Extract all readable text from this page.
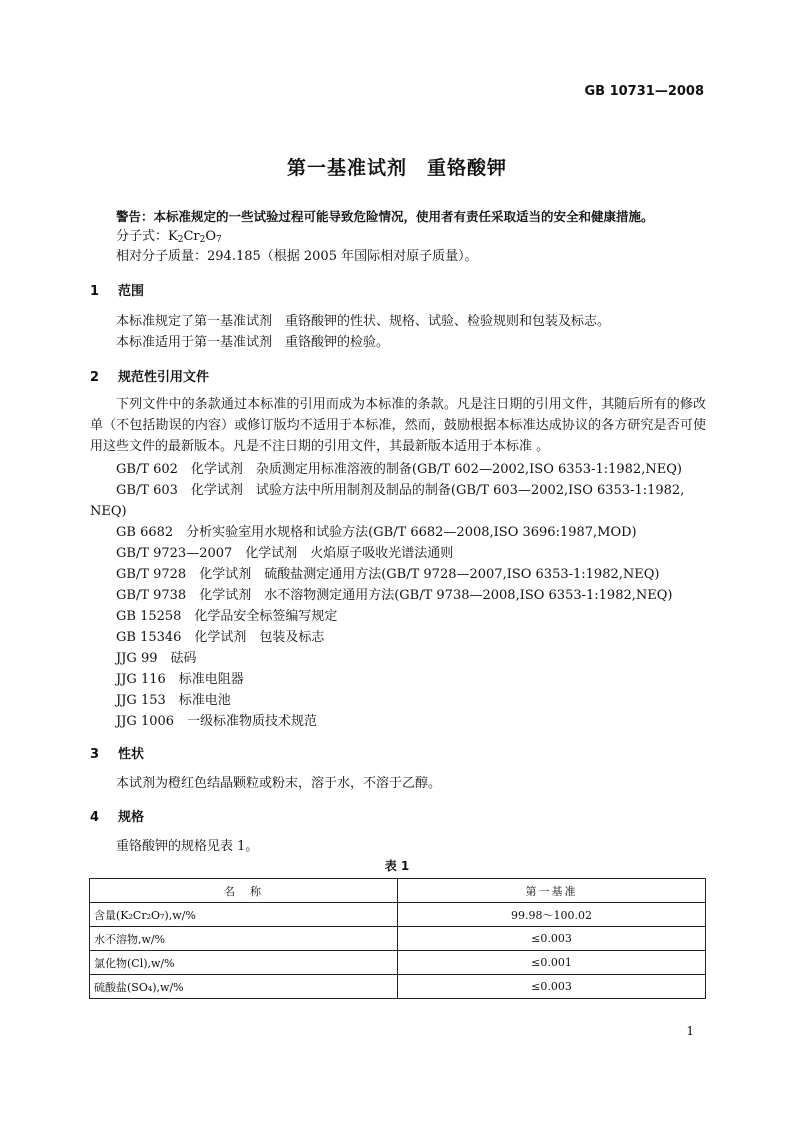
GB 10731—2008
第一基准试剂　重铬酸钾
警告：本标准规定的一些试验过程可能导致危险情况，使用者有责任采取适当的安全和健康措施。
分子式：$K_2Cr_2O_7$
相对分子质量：294.185（根据 2005 年国际相对原子质量）。
1 范围
本标准规定了第一基准试剂　重铬酸钾的性状、规格、试验、检验规则和包装及标志。
本标准适用于第一基准试剂　重铬酸钾的检验。
2 规范性引用文件
下列文件中的条款通过本标准的引用而成为本标准的条款。凡是注日期的引用文件，其随后所有的修改单（不包括勘误的内容）或修订版均不适用于本标准，然而，鼓励根据本标准达成协议的各方研究是否可使用这些文件的最新版本。凡是不注日期的引用文件，其最新版本适用于本标准 。
GB/T 602　化学试剂　杂质测定用标准溶液的制备(GB/T 602—2002,ISO 6353-1:1982,NEQ)
GB/T 603　化学试剂　试验方法中所用制剂及制品的制备(GB/T 603—2002,ISO 6353-1:1982,
NEQ)
GB 6682　分析实验室用水规格和试验方法(GB/T 6682—2008,ISO 3696:1987,MOD)
GB/T 9723—2007　化学试剂　火焰原子吸收光谱法通则
GB/T 9728　化学试剂　硫酸盐测定通用方法(GB/T 9728—2007,ISO 6353-1:1982,NEQ)
GB/T 9738　化学试剂　水不溶物测定通用方法(GB/T 9738—2008,ISO 6353-1:1982,NEQ)
GB 15258　化学品安全标签编写规定
GB 15346　化学试剂　包装及标志
JJG 99　砝码
JJG 116　标准电阻器
JJG 153　标准电池
JJG 1006　一级标准物质技术规范
3 性状
本试剂为橙红色结晶颗粒或粉末，溶于水，不溶于乙醇。
4 规格
重铬酸钾的规格见表 1。
表 1
名　称	第一基准
含量(K₂Cr₂O₇),w/%	99.98～100.02
水不溶物,w/%	≤0.003
氯化物(Cl),w/%	≤0.001
硫酸盐(SO₄),w/%	≤0.003
1
